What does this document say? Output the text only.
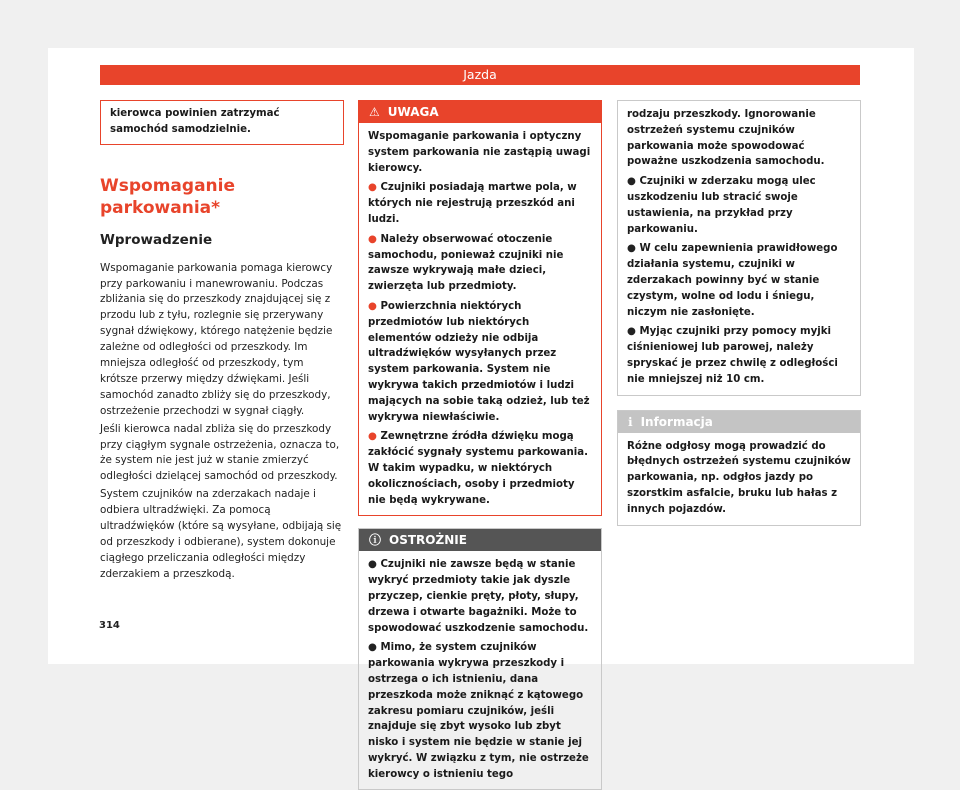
Jazda
kierowca powinien zatrzymać samochód samodzielnie.
Wspomaganie parkowania*
Wprowadzenie

Wspomaganie parkowania pomaga kierowcy przy parkowaniu i manewrowaniu. Podczas zbliżania się do przeszkody znajdującej się z przodu lub z tyłu, rozlegnie się przerywany sygnał dźwiękowy, którego natężenie będzie zależne od odległości od przeszkody. Im mniejsza odległość od przeszkody, tym krótsze przerwy między dźwiękami. Jeśli samochód zanadto zbliży się do przeszkody, ostrzeżenie przechodzi w sygnał ciągły.

Jeśli kierowca nadal zbliża się do przeszkody przy ciągłym sygnale ostrzeżenia, oznacza to, że system nie jest już w stanie zmierzyć odległości dzielącej samochód od przeszkody.

System czujników na zderzakach nadaje i odbiera ultradźwięki. Za pomocą ultradźwięków (które są wysyłane, odbijają się od przeszkody i odbierane), system dokonuje ciągłego przeliczania odległości między zderzakiem a przeszkodą.

⚠ UWAGA

Wspomaganie parkowania i optyczny system parkowania nie zastąpią uwagi kierowcy.

● Czujniki posiadają martwe pola, w których nie rejestrują przeszkód ani ludzi.

● Należy obserwować otoczenie samochodu, ponieważ czujniki nie zawsze wykrywają małe dzieci, zwierzęta lub przedmioty.

● Powierzchnia niektórych przedmiotów lub niektórych elementów odzieży nie odbija ultradźwięków wysyłanych przez system parkowania. System nie wykrywa takich przedmiotów i ludzi mających na sobie taką odzież, lub też wykrywa niewłaściwie.

● Zewnętrzne źródła dźwięku mogą zakłócić sygnały systemu parkowania. W takim wypadku, w niektórych okolicznościach, osoby i przedmioty nie będą wykrywane.

ⓘ OSTROŻNIE

● Czujniki nie zawsze będą w stanie wykryć przedmioty takie jak dyszle przyczep, cienkie pręty, płoty, słupy, drzewa i otwarte bagażniki. Może to spowodować uszkodzenie samochodu.

● Mimo, że system czujników parkowania wykrywa przeszkody i ostrzega o ich istnieniu, dana przeszkoda może zniknąć z kątowego zakresu pomiaru czujników, jeśli znajduje się zbyt wysoko lub zbyt nisko i system nie będzie w stanie jej wykryć. W związku z tym, nie ostrzeże kierowcy o istnieniu tego

rodzaju przeszkody. Ignorowanie ostrzeżeń systemu czujników parkowania może spowodować poważne uszkodzenia samochodu.

● Czujniki w zderzaku mogą ulec uszkodzeniu lub stracić swoje ustawienia, na przykład przy parkowaniu.

● W celu zapewnienia prawidłowego działania systemu, czujniki w zderzakach powinny być w stanie czystym, wolne od lodu i śniegu, niczym nie zasłonięte.

● Myjąc czujniki przy pomocy myjki ciśnieniowej lub parowej, należy spryskać je przez chwilę z odległości nie mniejszej niż 10 cm.

ℹ Informacja
Różne odgłosy mogą prowadzić do błędnych ostrzeżeń systemu czujników parkowania, np. odgłos jazdy po szorstkim asfalcie, bruku lub hałas z innych pojazdów.
314
